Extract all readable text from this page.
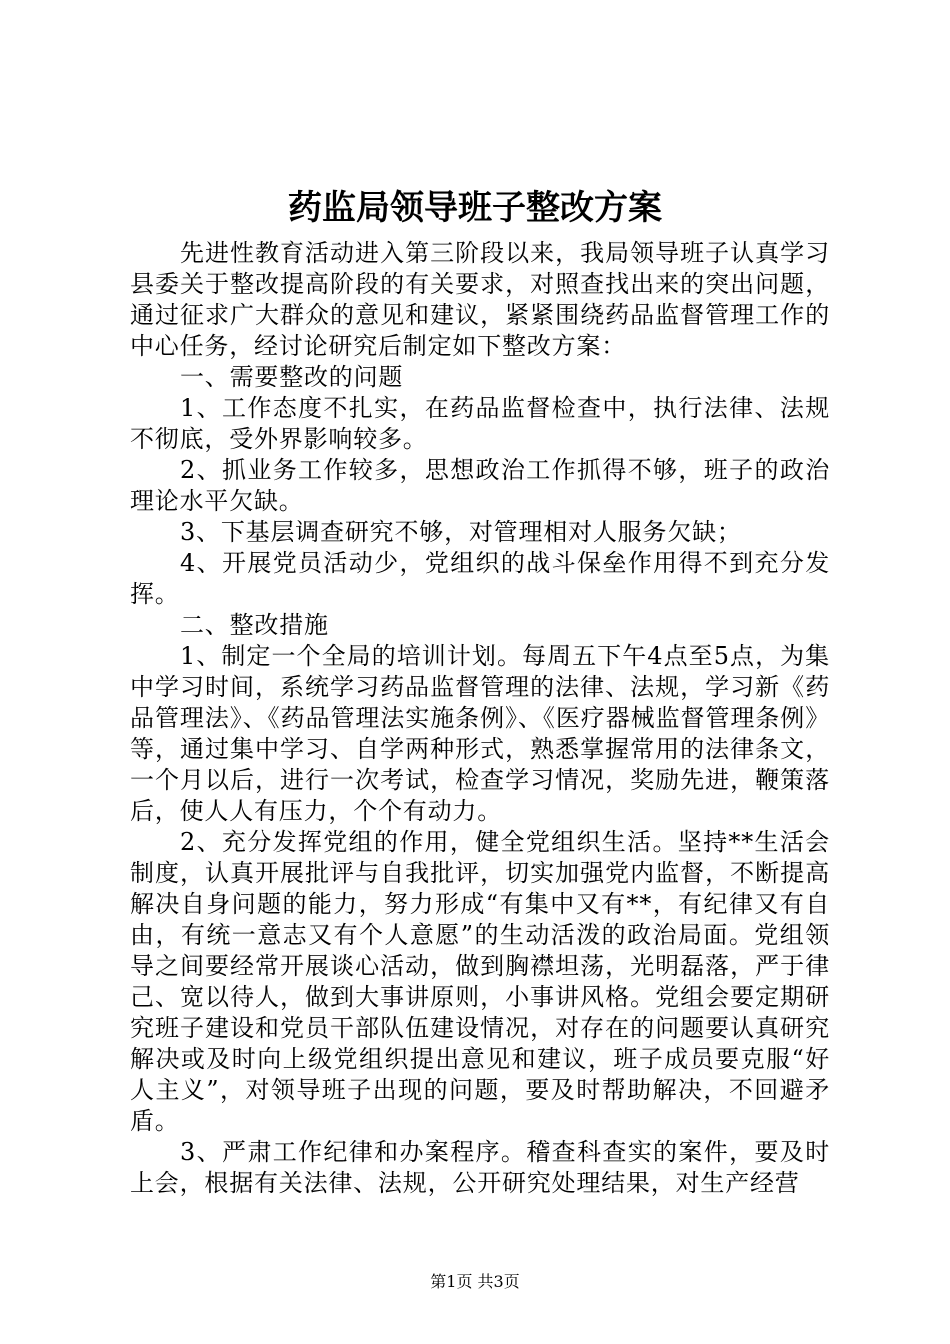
药监局领导班子整改方案

先进性教育活动进入第三阶段以来，我局领导班子认真学习县委关于整改提高阶段的有关要求，对照查找出来的突出问题，通过征求广大群众的意见和建议，紧紧围绕药品监督管理工作的中心任务，经讨论研究后制定如下整改方案：

一、需要整改的问题

1、工作态度不扎实，在药品监督检查中，执行法律、法规不彻底，受外界影响较多。

2、抓业务工作较多，思想政治工作抓得不够，班子的政治理论水平欠缺。

3、下基层调查研究不够，对管理相对人服务欠缺；

4、开展党员活动少，党组织的战斗保垒作用得不到充分发挥。

二、整改措施

1、制定一个全局的培训计划。每周五下午4点至5点，为集中学习时间，系统学习药品监督管理的法律、法规，学习新《药品管理法》、《药品管理法实施条例》、《医疗器械监督管理条例》等，通过集中学习、自学两种形式，熟悉掌握常用的法律条文，一个月以后，进行一次考试，检查学习情况，奖励先进，鞭策落后，使人人有压力，个个有动力。

2、充分发挥党组的作用，健全党组织生活。坚持**生活会制度，认真开展批评与自我批评，切实加强党内监督，不断提高解决自身问题的能力，努力形成“有集中又有**，有纪律又有自由，有统一意志又有个人意愿”的生动活泼的政治局面。党组领导之间要经常开展谈心活动，做到胸襟坦荡，光明磊落，严于律己、宽以待人，做到大事讲原则，小事讲风格。党组会要定期研究班子建设和党员干部队伍建设情况，对存在的问题要认真研究解决或及时向上级党组织提出意见和建议，班子成员要克服“好人主义”，对领导班子出现的问题，要及时帮助解决，不回避矛盾。

3、严肃工作纪律和办案程序。稽查科查实的案件，要及时上会，根据有关法律、法规，公开研究处理结果，对生产经营

第1页 共3页
